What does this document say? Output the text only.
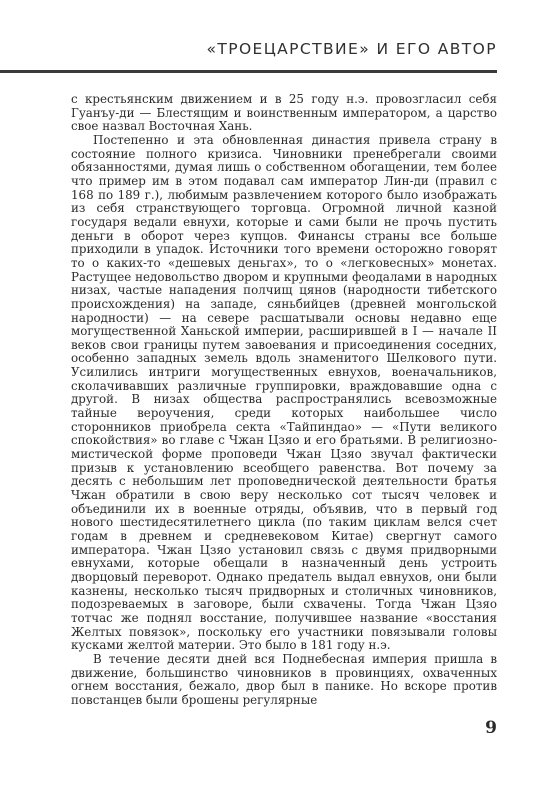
«ТРОЕЦАРСТВИЕ» И ЕГО АВТОР

с крестьянским движением и в 25 году н.э. провозгласил себя Гуанъу-ди — Блестящим и воинственным императором, а царство свое назвал Восточная Хань.

Постепенно и эта обновленная династия привела страну в состояние полного кризиса. Чиновники пренебрегали своими обязанностями, думая лишь о собственном обогащении, тем более что пример им в этом подавал сам император Лин-ди (правил с 168 по 189 г.), любимым развлечением которого было изображать из себя странствующего торговца. Огромной личной казной государя ведали евнухи, которые и сами были не прочь пустить деньги в оборот через купцов. Финансы страны все больше приходили в упадок. Источники того времени осторожно говорят то о каких-то «дешевых деньгах», то о «легковесных» монетах. Растущее недовольство двором и крупными феодалами в народных низах, частые нападения полчищ цянов (народности тибетского происхождения) на западе, сяньбийцев (древней монгольской народности) — на севере расшатывали основы недавно еще могущественной Ханьской империи, расширившей в I — начале II веков свои границы путем завоевания и присоединения соседних, особенно западных земель вдоль знаменитого Шелкового пути. Усилились интриги могущественных евнухов, военачальников, сколачивавших различные группировки, враждовавшие одна с другой. В низах общества распространялись всевозможные тайные вероучения, среди которых наибольшее число сторонников приобрела секта «Тайпиндао» — «Пути великого спокойствия» во главе с Чжан Цзяо и его братьями. В религиозно-мистической форме проповеди Чжан Цзяо звучал фактически призыв к установлению всеобщего равенства. Вот почему за десять с небольшим лет проповеднической деятельности братья Чжан обратили в свою веру несколько сот тысяч человек и объединили их в военные отряды, объявив, что в первый год нового шестидесятилетнего цикла (по таким циклам велся счет годам в древнем и средневековом Китае) свергнут самого императора. Чжан Цзяо установил связь с двумя придворными евнухами, которые обещали в назначенный день устроить дворцовый переворот. Однако предатель выдал евнухов, они были казнены, несколько тысяч придворных и столичных чиновников, подозреваемых в заговоре, были схвачены. Тогда Чжан Цзяо тотчас же поднял восстание, получившее название «восстания Желтых повязок», поскольку его участники повязывали головы кусками желтой материи. Это было в 181 году н.э.

В течение десяти дней вся Поднебесная империя пришла в движение, большинство чиновников в провинциях, охваченных огнем восстания, бежало, двор был в панике. Но вскоре против повстанцев были брошены регулярные

9
